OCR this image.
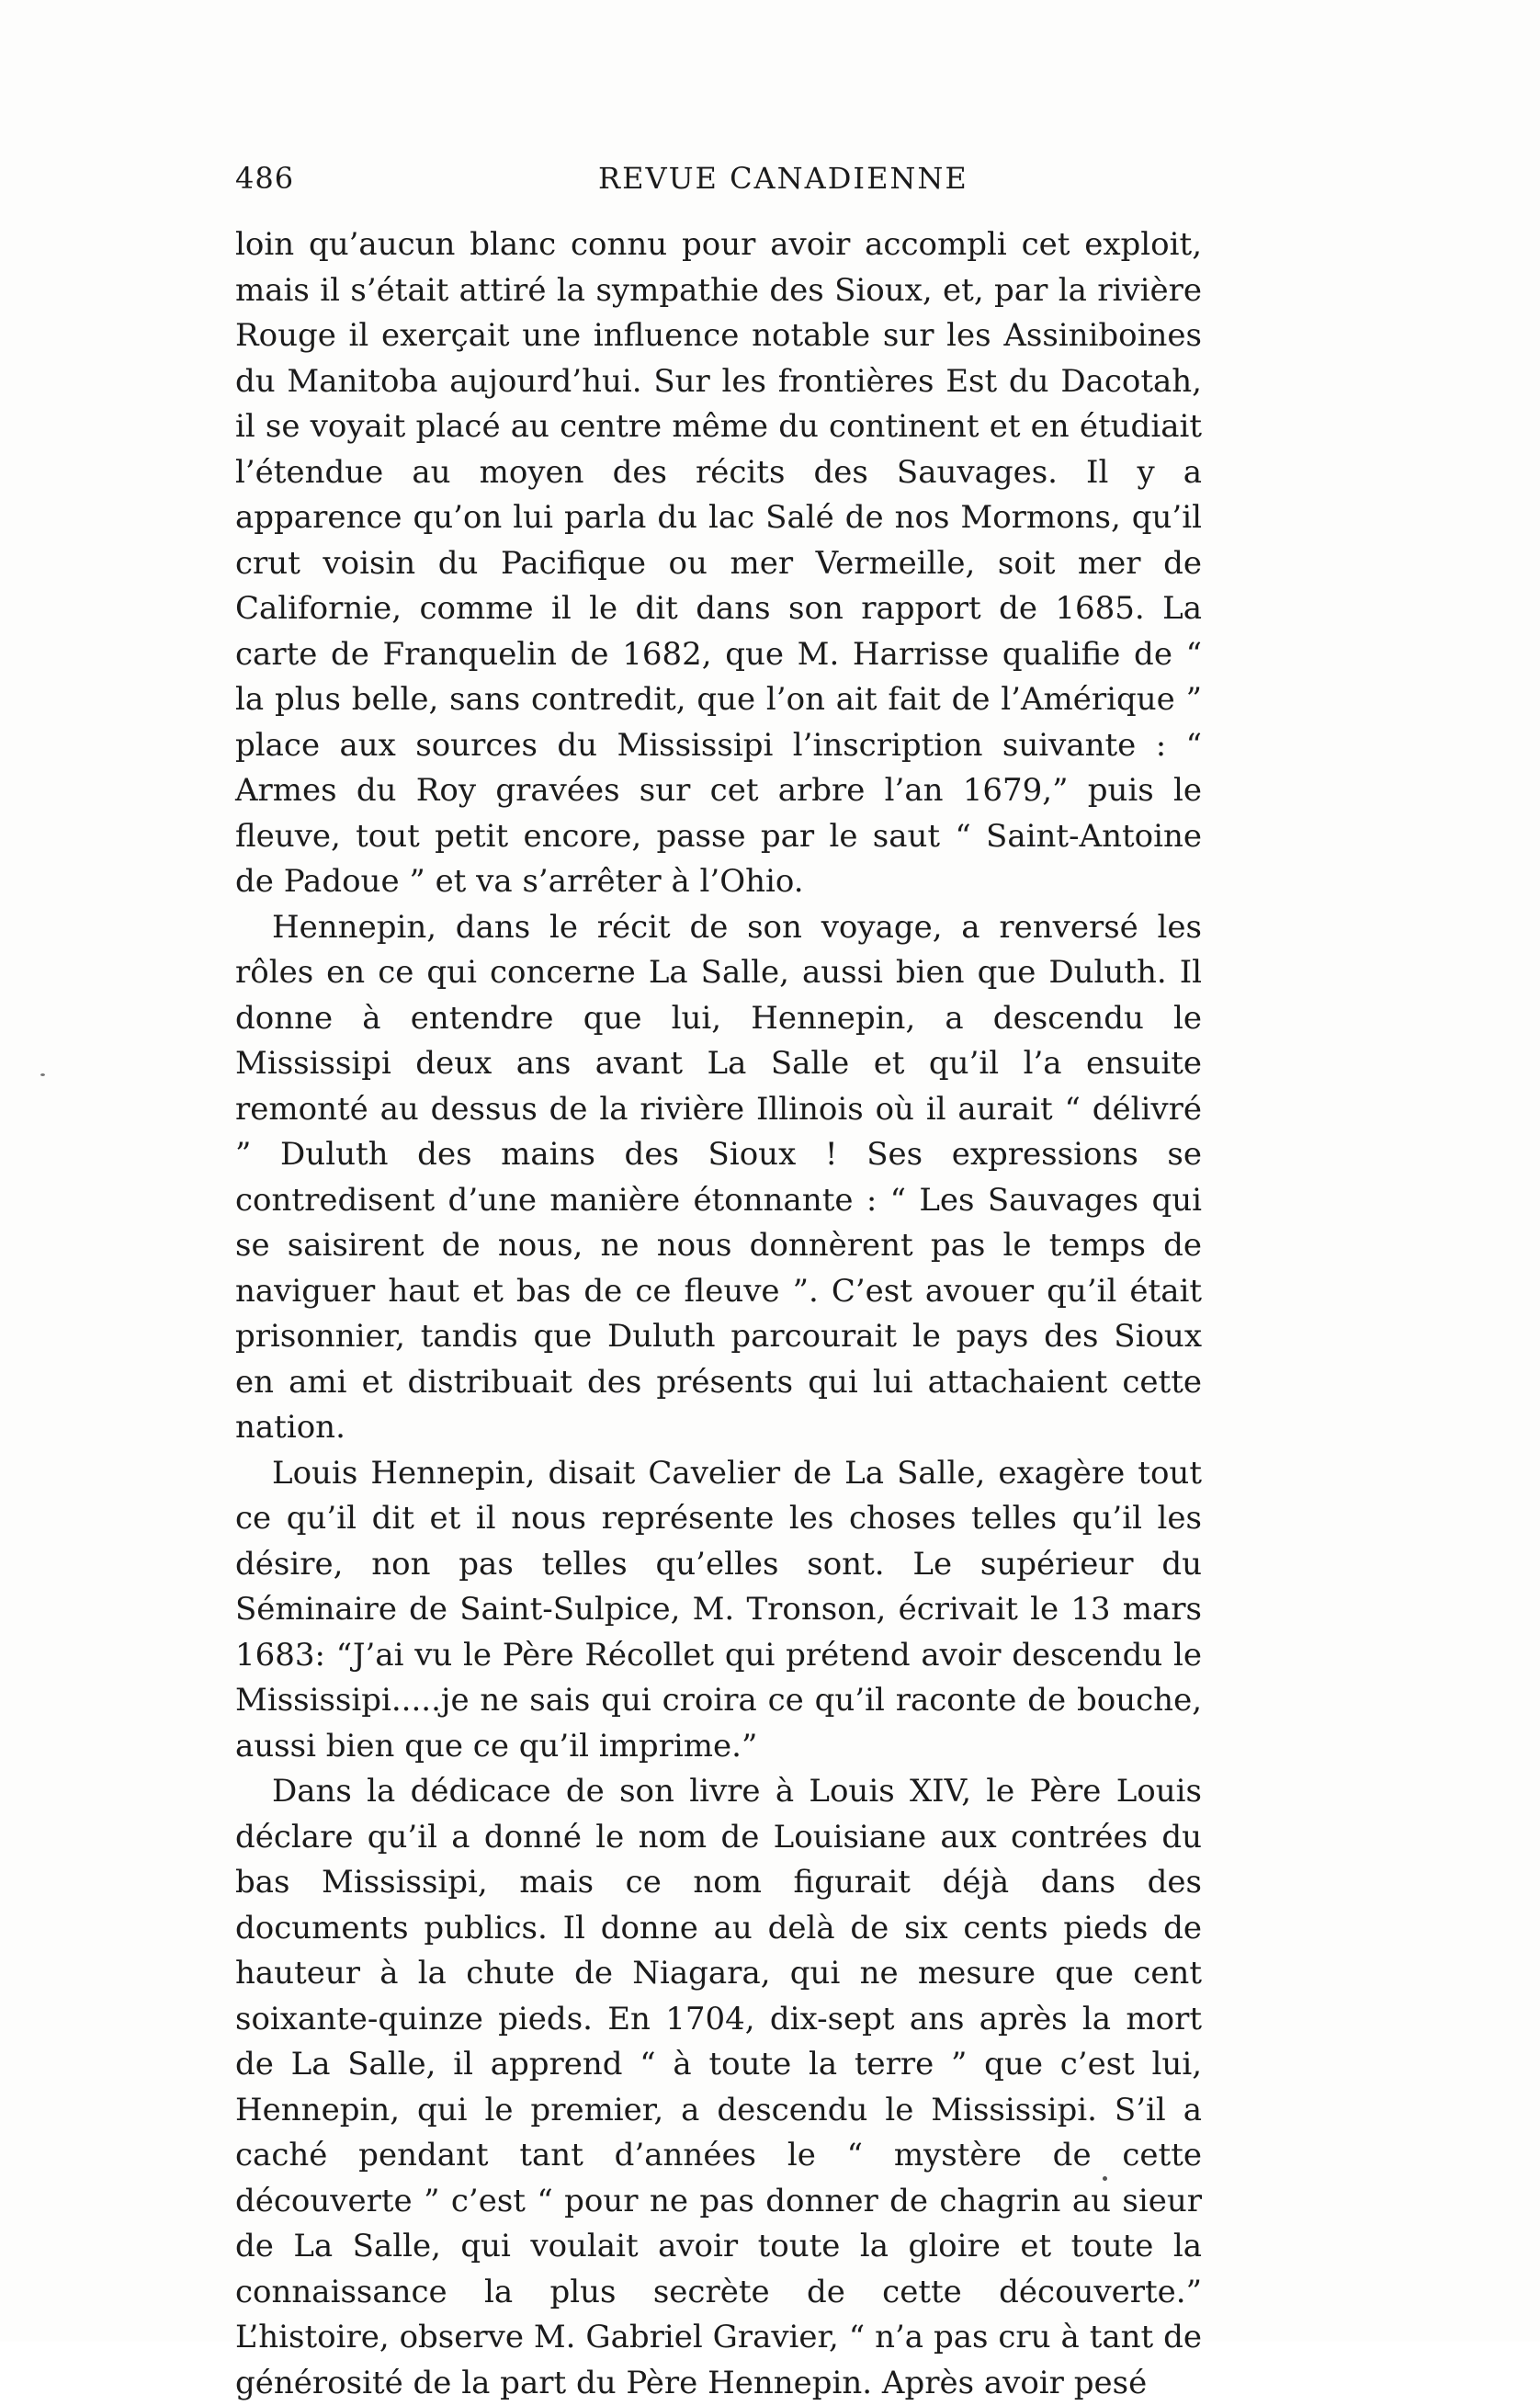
486	REVUE CANADIENNE

loin qu’aucun blanc connu pour avoir accompli cet exploit, mais il s’était attiré la sympathie des Sioux, et, par la rivière Rouge il exerçait une influence notable sur les Assiniboines du Manitoba aujourd’hui. Sur les frontières Est du Dacotah, il se voyait placé au centre même du continent et en étudiait l’étendue au moyen des récits des Sauvages. Il y a apparence qu’on lui parla du lac Salé de nos Mormons, qu’il crut voisin du Pacifique ou mer Vermeille, soit mer de Californie, comme il le dit dans son rapport de 1685. La carte de Franquelin de 1682, que M. Harrisse qualifie de “ la plus belle, sans contredit, que l’on ait fait de l’Amérique ” place aux sources du Mississipi l’inscription suivante : “ Armes du Roy gravées sur cet arbre l’an 1679,” puis le fleuve, tout petit encore, passe par le saut “ Saint-Antoine de Padoue ” et va s’arrêter à l’Ohio.

Hennepin, dans le récit de son voyage, a renversé les rôles en ce qui concerne La Salle, aussi bien que Duluth. Il donne à entendre que lui, Hennepin, a descendu le Mississipi deux ans avant La Salle et qu’il l’a ensuite remonté au dessus de la rivière Illinois où il aurait “ délivré ” Duluth des mains des Sioux ! Ses expressions se contredisent d’une manière étonnante : “ Les Sauvages qui se saisirent de nous, ne nous donnèrent pas le temps de naviguer haut et bas de ce fleuve ”. C’est avouer qu’il était prisonnier, tandis que Duluth parcourait le pays des Sioux en ami et distribuait des présents qui lui attachaient cette nation.

Louis Hennepin, disait Cavelier de La Salle, exagère tout ce qu’il dit et il nous représente les choses telles qu’il les désire, non pas telles qu’elles sont. Le supérieur du Séminaire de Saint-Sulpice, M. Tronson, écrivait le 13 mars 1683: “J’ai vu le Père Récollet qui prétend avoir descendu le Mississipi.....je ne sais qui croira ce qu’il raconte de bouche, aussi bien que ce qu’il imprime.”

Dans la dédicace de son livre à Louis XIV, le Père Louis déclare qu’il a donné le nom de Louisiane aux contrées du bas Mississipi, mais ce nom figurait déjà dans des documents publics. Il donne au delà de six cents pieds de hauteur à la chute de Niagara, qui ne mesure que cent soixante-quinze pieds. En 1704, dix-sept ans après la mort de La Salle, il apprend “ à toute la terre ” que c’est lui, Hennepin, qui le premier, a descendu le Mississipi. S’il a caché pendant tant d’années le “ mystère de cette découverte ” c’est “ pour ne pas donner de chagrin au sieur de La Salle, qui voulait avoir toute la gloire et toute la connaissance la plus secrète de cette découverte.” L’histoire, observe M. Gabriel Gravier, “ n’a pas cru à tant de générosité de la part du Père Hennepin. Après avoir pesé
